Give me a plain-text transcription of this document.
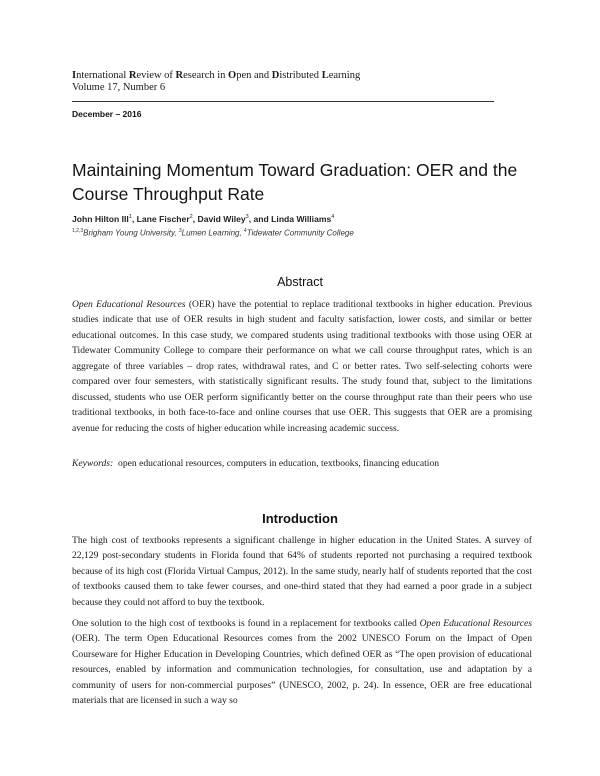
International Review of Research in Open and Distributed Learning
Volume 17, Number 6
December – 2016
Maintaining Momentum Toward Graduation: OER and the Course Throughput Rate
John Hilton III$^1$, Lane Fischer$^2$, David Wiley$^3$, and Linda Williams$^4$
$^{1,2,3}$Brigham Young University, $^3$Lumen Learning, $^4$Tidewater Community College
Abstract

Open Educational Resources (OER) have the potential to replace traditional textbooks in higher education. Previous studies indicate that use of OER results in high student and faculty satisfaction, lower costs, and similar or better educational outcomes. In this case study, we compared students using traditional textbooks with those using OER at Tidewater Community College to compare their performance on what we call course throughput rates, which is an aggregate of three variables – drop rates, withdrawal rates, and C or better rates. Two self-selecting cohorts were compared over four semesters, with statistically significant results. The study found that, subject to the limitations discussed, students who use OER perform significantly better on the course throughput rate than their peers who use traditional textbooks, in both face-to-face and online courses that use OER. This suggests that OER are a promising avenue for reducing the costs of higher education while increasing academic success.

Keywords: open educational resources, computers in education, textbooks, financing education
Introduction

The high cost of textbooks represents a significant challenge in higher education in the United States. A survey of 22,129 post-secondary students in Florida found that 64% of students reported not purchasing a required textbook because of its high cost (Florida Virtual Campus, 2012). In the same study, nearly half of students reported that the cost of textbooks caused them to take fewer courses, and one-third stated that they had earned a poor grade in a subject because they could not afford to buy the textbook.

One solution to the high cost of textbooks is found in a replacement for textbooks called Open Educational Resources (OER). The term Open Educational Resources comes from the 2002 UNESCO Forum on the Impact of Open Courseware for Higher Education in Developing Countries, which defined OER as “The open provision of educational resources, enabled by information and communication technologies, for consultation, use and adaptation by a community of users for non-commercial purposes” (UNESCO, 2002, p. 24). In essence, OER are free educational materials that are licensed in such a way so
